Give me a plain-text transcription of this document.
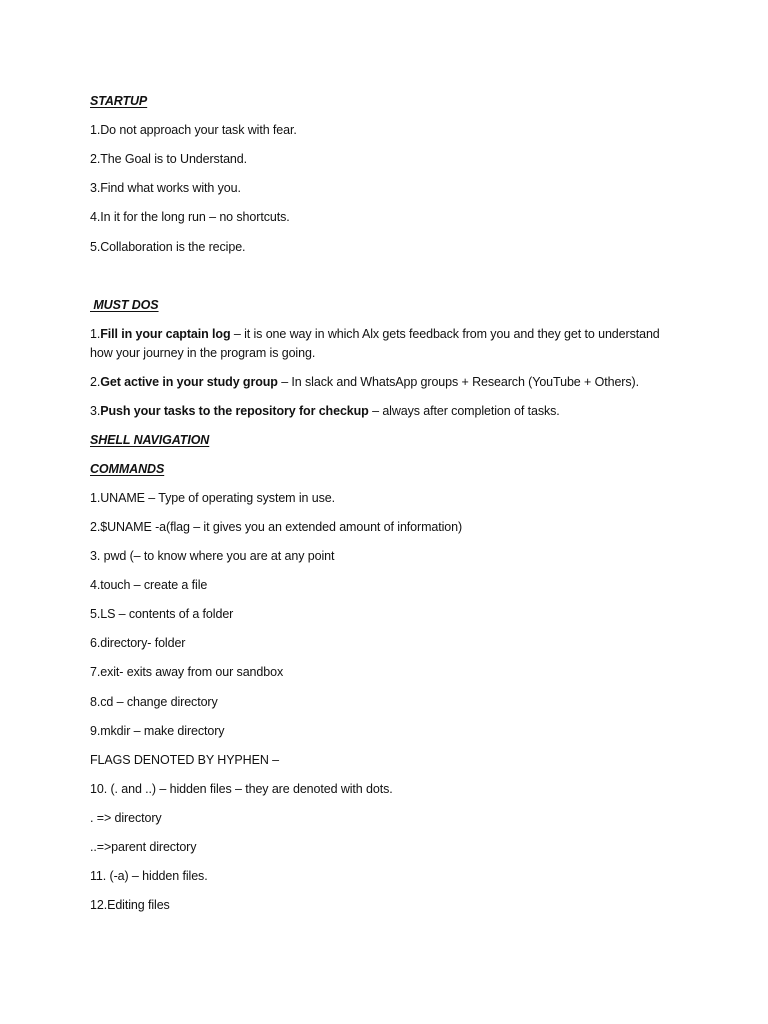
STARTUP
1.Do not approach your task with fear.
2.The Goal is to Understand.
3.Find what works with you.
4.In it for the long run – no shortcuts.
5.Collaboration is the recipe.
MUST DOS
1.Fill in your captain log – it is one way in which Alx gets feedback from you and they get to understand how your journey in the program is going.
2.Get active in your study group – In slack and WhatsApp groups + Research (YouTube + Others).
3.Push your tasks to the repository for checkup – always after completion of tasks.
SHELL NAVIGATION
COMMANDS
1.UNAME – Type of operating system in use.
2.$UNAME -a(flag – it gives you an extended amount of information)
3. pwd (– to know where you are at any point
4.touch – create a file
5.LS – contents of a folder
6.directory- folder
7.exit- exits away from our sandbox
8.cd – change directory
9.mkdir – make directory
FLAGS DENOTED BY HYPHEN –
10. (. and ..) – hidden files – they are denoted with dots.
. => directory
..=>parent directory
11. (-a) – hidden files.
12.Editing files
